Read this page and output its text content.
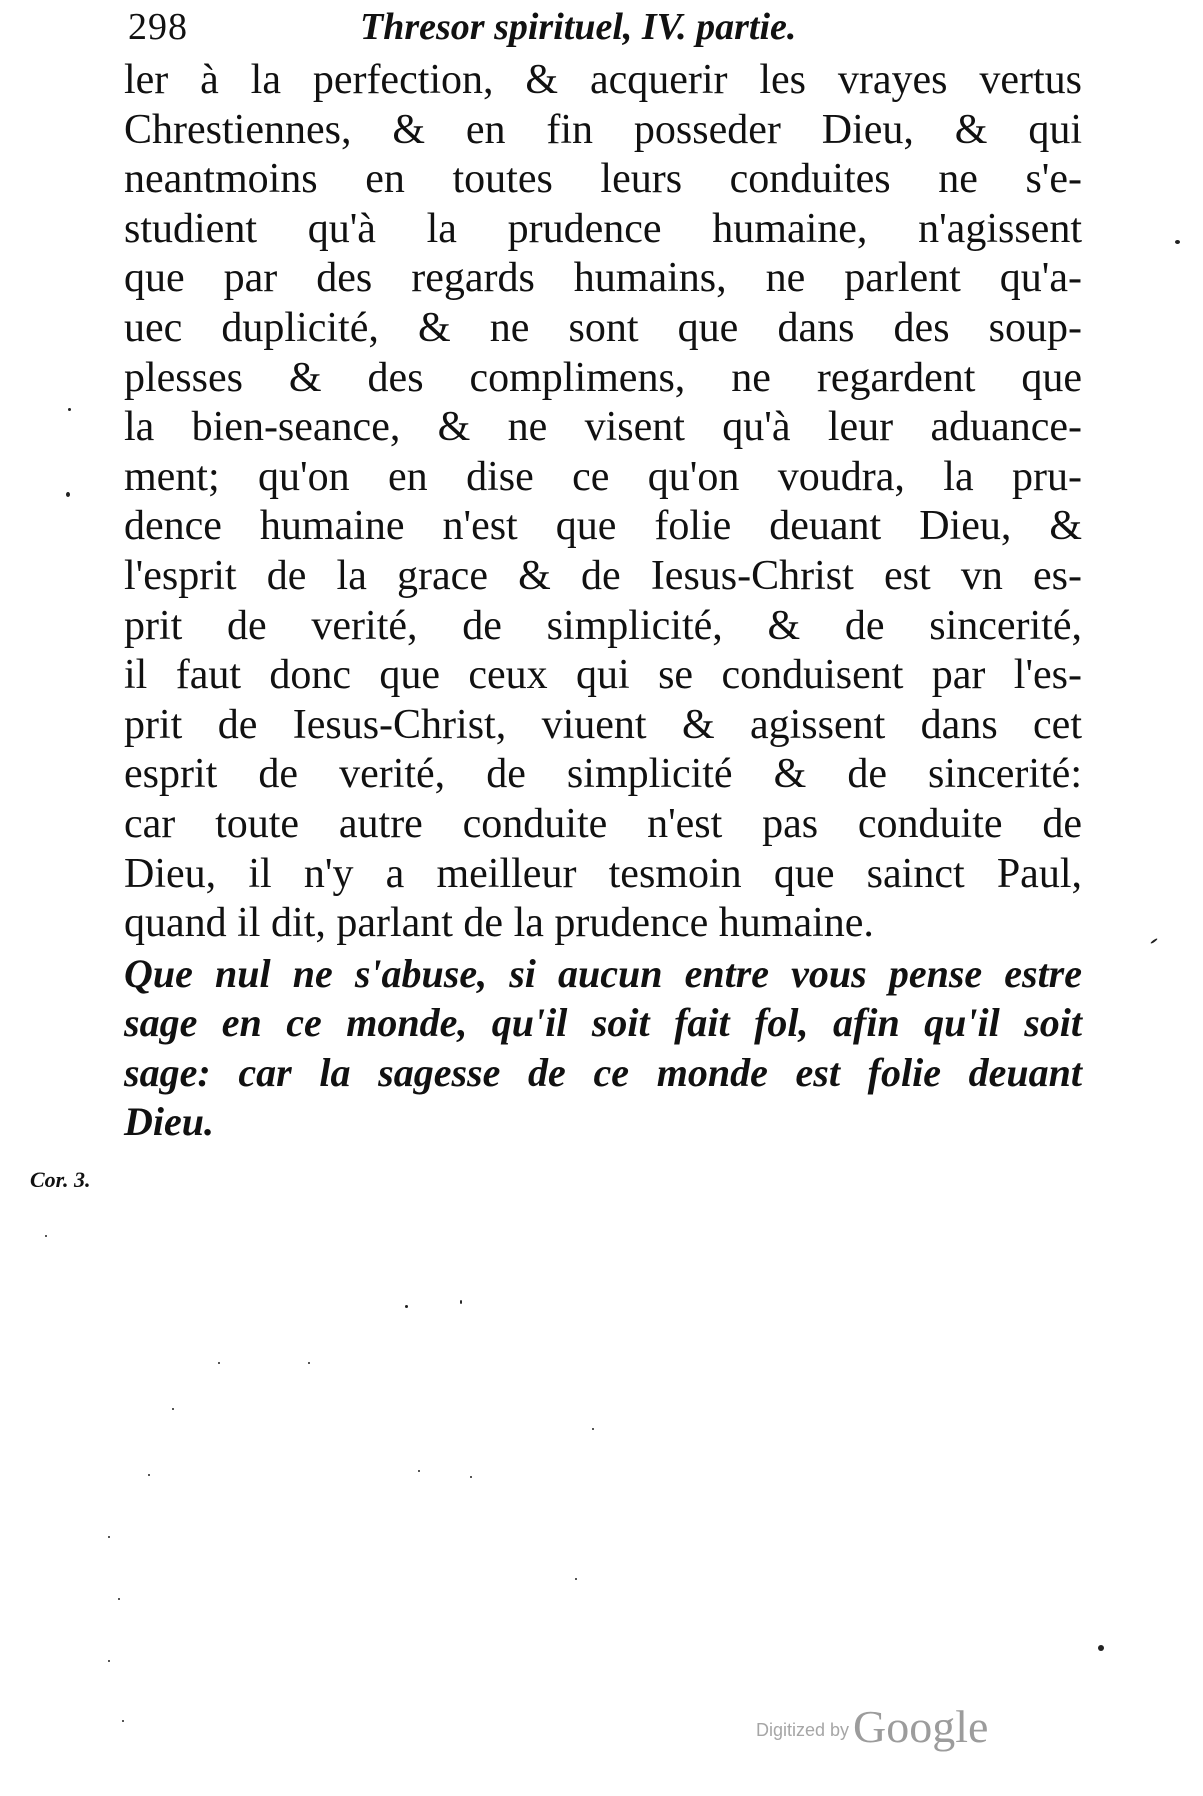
298	Thresor spirituel, IV. partie.
ler à la perfection, & acquerir les vrayes vertus
Chrestiennes, & en fin posseder Dieu, & qui
neantmoins en toutes leurs conduites ne s'e-
studient qu'à la prudence humaine, n'agissent
que par des regards humains, ne parlent qu'a-
uec duplicité, & ne sont que dans des soup-
plesses & des complimens, ne regardent que
la bien-seance, & ne visent qu'à leur aduance-
ment; qu'on en dise ce qu'on voudra, la pru-
dence humaine n'est que folie deuant Dieu, &
l'esprit de la grace & de Iesus-Christ est vn es-
prit de verité, de simplicité, & de sincerité,
il faut donc que ceux qui se conduisent par l'es-
prit de Iesus-Christ, viuent & agissent dans cet
esprit de verité, de simplicité & de sincerité:
car toute autre conduite n'est pas conduite de
Dieu, il n'y a meilleur tesmoin que sainct Paul,
quand il dit, parlant de la prudence humaine.
Que nul ne s'abuse, si aucun entre vous pense estre
sage en ce monde, qu'il soit fait fol, afin qu'il soit
sage: car la sagesse de ce monde est folie deuant
Dieu.
Cor. 3.
Digitized by Google
